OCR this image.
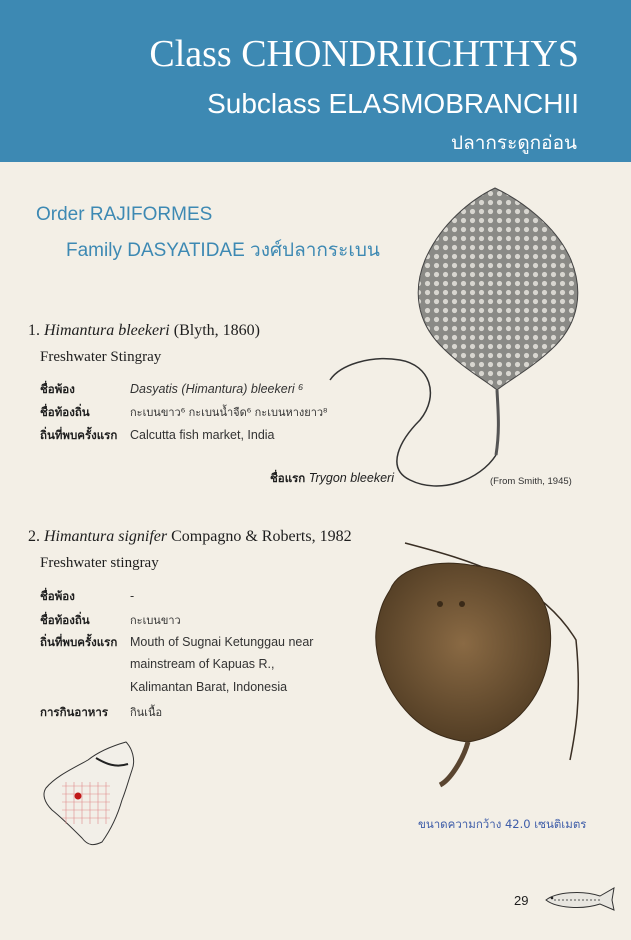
Class CHONDRIICHTHYS
Subclass ELASMOBRANCHII
ปลากระดูกอ่อน
Order RAJIFORMES
Family DASYATIDAE วงศ์ปลากระเบน
1. Himantura bleekeri (Blyth, 1860)
Freshwater Stingray
ชื่อพ้อง	Dasyatis (Himantura) bleekeri ⁶
ชื่อท้องถิ่น	กะเบนขาว⁶ กะเบนน้ำจืด⁶ กะเบนหางยาว⁸
ถิ่นที่พบครั้งแรก Calcutta fish market, India
ชื่อแรก Trygon bleekeri	(From Smith, 1945)
2. Himantura signifer Compagno & Roberts, 1982
Freshwater stingray
ชื่อพ้อง	-
ชื่อท้องถิ่น	กะเบนขาว
ถิ่นที่พบครั้งแรก Mouth of Sugnai Ketunggau near
mainstream of Kapuas R.,
Kalimantan Barat, Indonesia
การกินอาหาร กินเนื้อ
ขนาดความกว้าง 42.0 เซนติเมตร
29
